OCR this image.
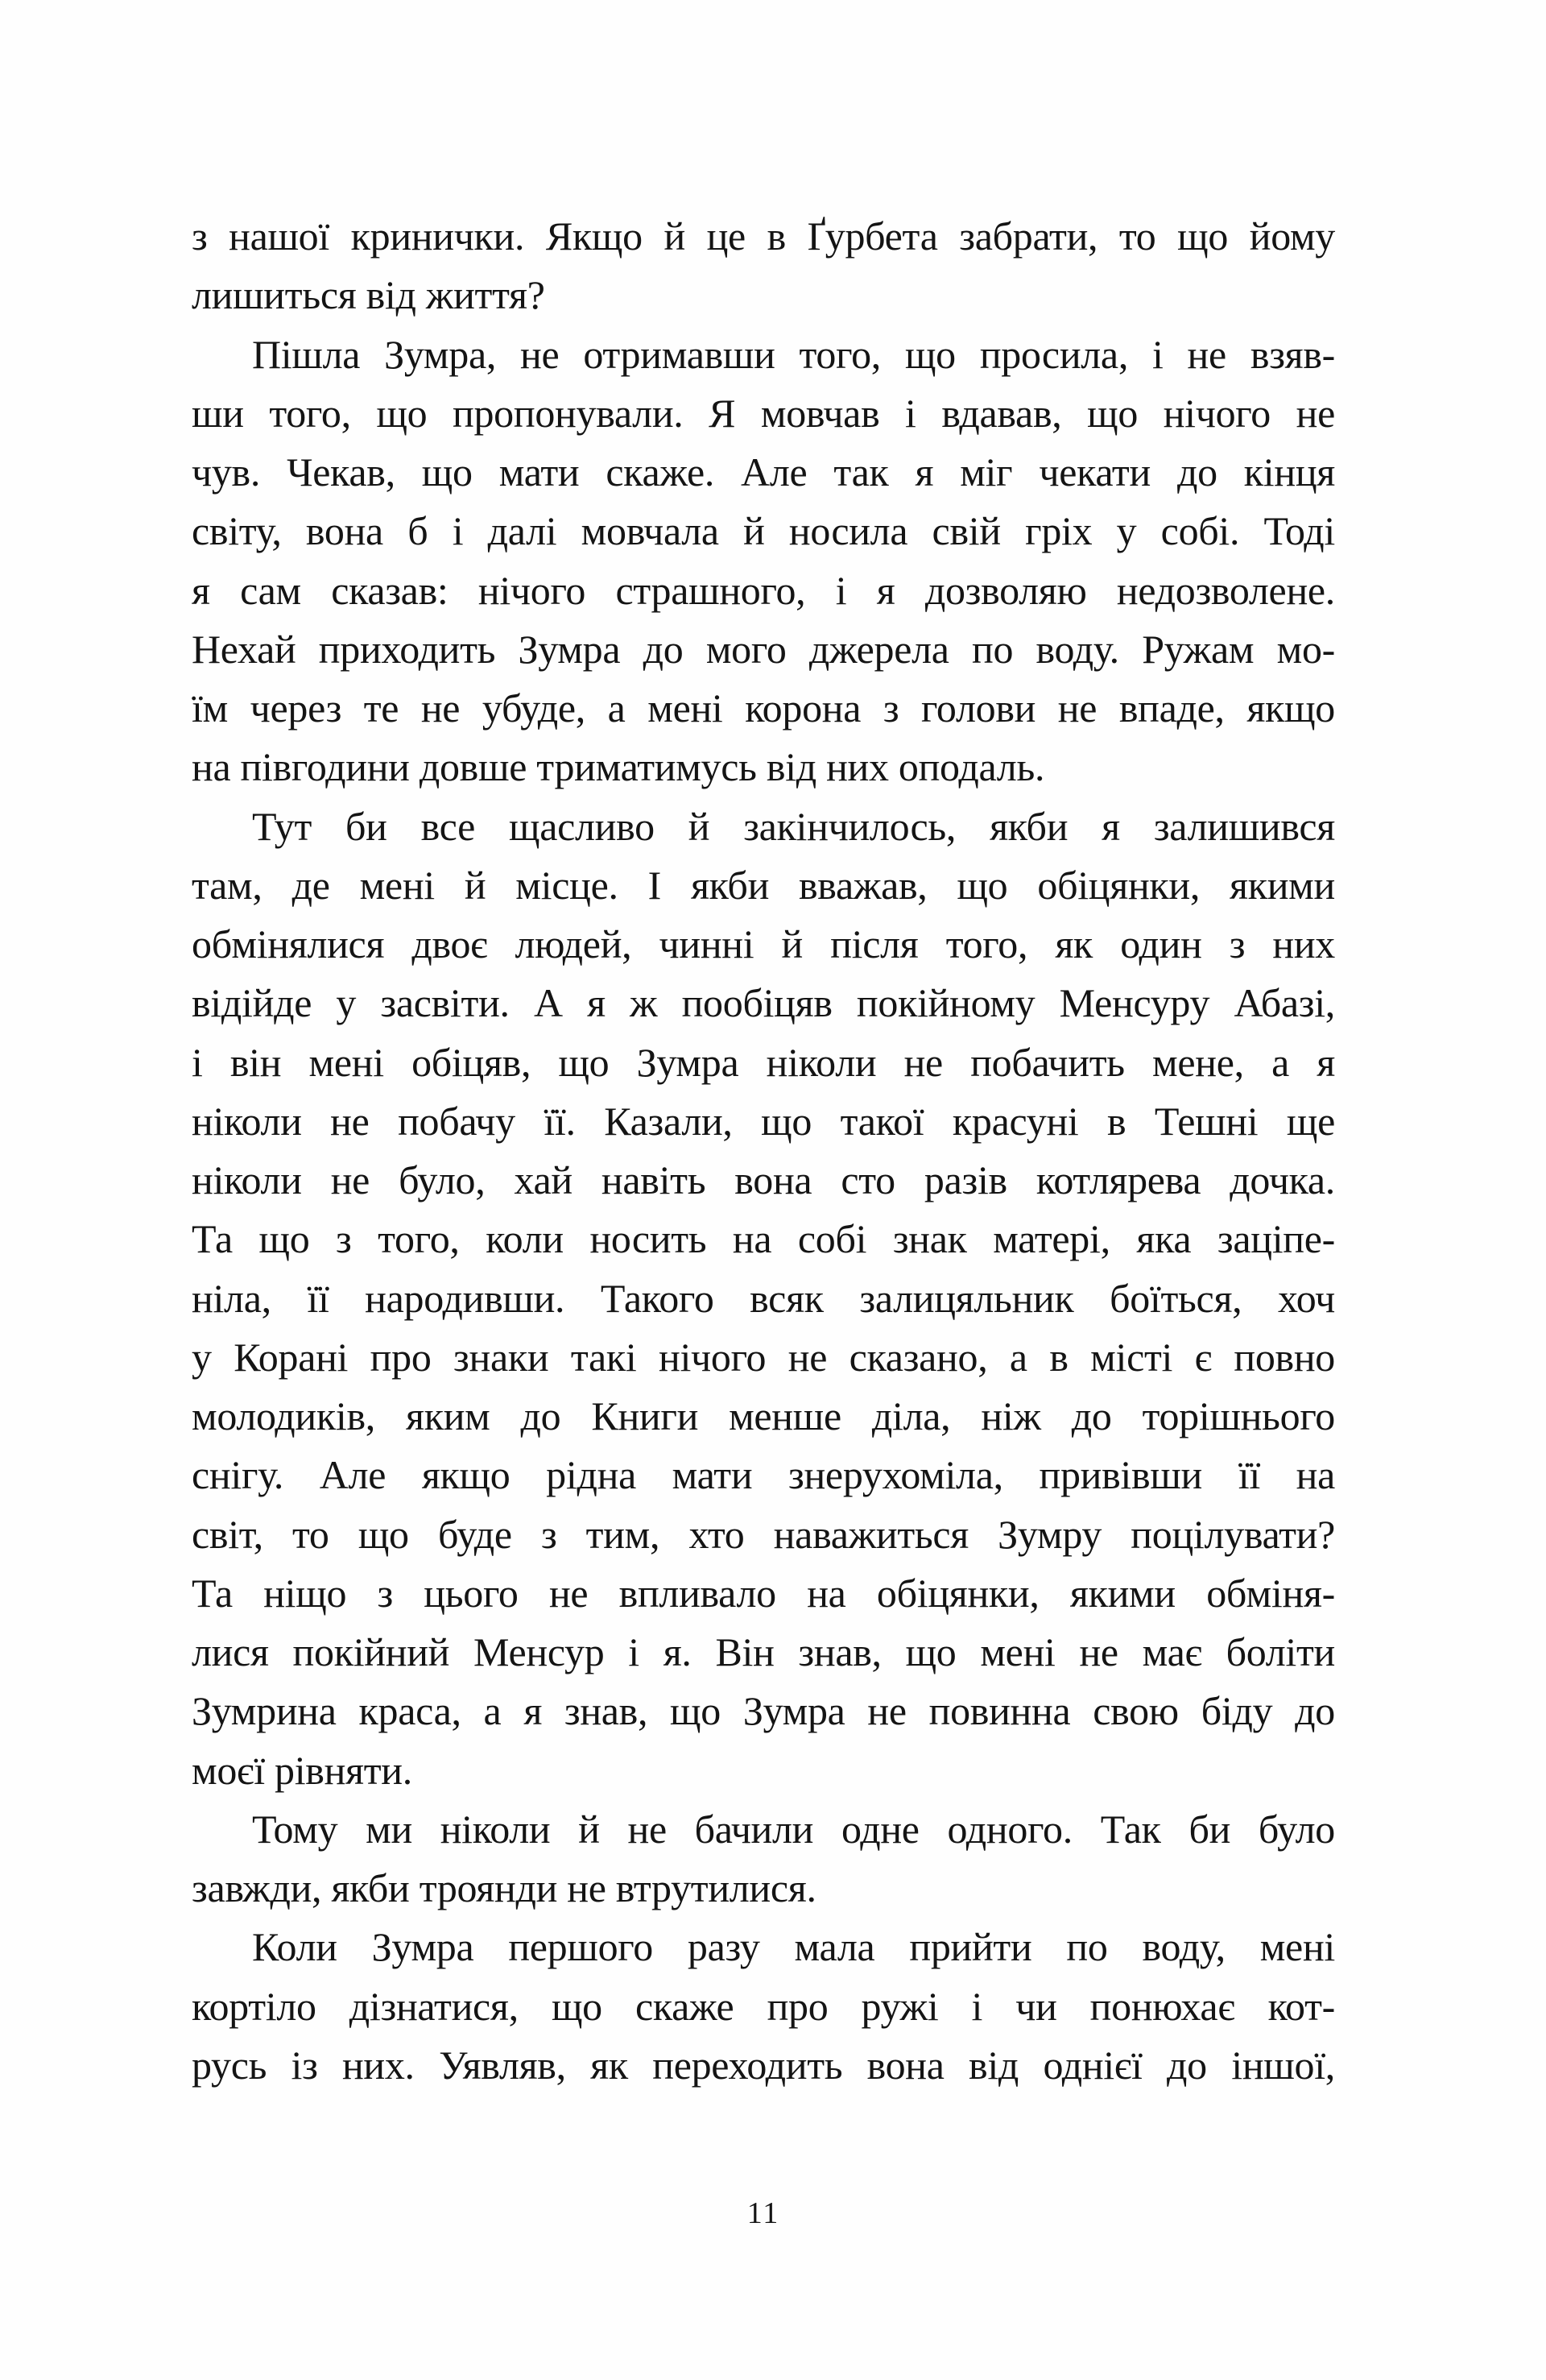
з нашої кринички. Якщо й це в Ґурбета забрати, то що йому
лишиться від життя?
Пішла Зумра, не отримавши того, що просила, і не взяв-
ши того, що пропонували. Я мовчав і вдавав, що нічого не
чув. Чекав, що мати скаже. Але так я міг чекати до кінця
світу, вона б і далі мовчала й носила свій гріх у собі. Тоді
я сам сказав: нічого страшного, і я дозволяю недозволене.
Нехай приходить Зумра до мого джерела по воду. Ружам мо-
їм через те не убуде, а мені корона з голови не впаде, якщо
на півгодини довше триматимусь від них оподаль.
Тут би все щасливо й закінчилось, якби я залишився
там, де мені й місце. І якби вважав, що обіцянки, якими
обмінялися двоє людей, чинні й після того, як один з них
відійде у засвіти. А я ж пообіцяв покійному Менсуру Абазі,
і він мені обіцяв, що Зумра ніколи не побачить мене, а я
ніколи не побачу її. Казали, що такої красуні в Тешні ще
ніколи не було, хай навіть вона сто разів котлярева дочка.
Та що з того, коли носить на собі знак матері, яка заціпе-
ніла, її народивши. Такого всяк залицяльник боїться, хоч
у Корані про знаки такі нічого не сказано, а в місті є повно
молодиків, яким до Книги менше діла, ніж до торішнього
снігу. Але якщо рідна мати знерухоміла, привівши її на
світ, то що буде з тим, хто наважиться Зумру поцілувати?
Та ніщо з цього не впливало на обіцянки, якими обміня-
лися покійний Менсур і я. Він знав, що мені не має боліти
Зумрина краса, а я знав, що Зумра не повинна свою біду до
моєї рівняти.
Тому ми ніколи й не бачили одне одного. Так би було
завжди, якби троянди не втрутилися.
Коли Зумра першого разу мала прийти по воду, мені
кортіло дізнатися, що скаже про ружі і чи понюхає кот-
русь із них. Уявляв, як переходить вона від однієї до іншої,
11
